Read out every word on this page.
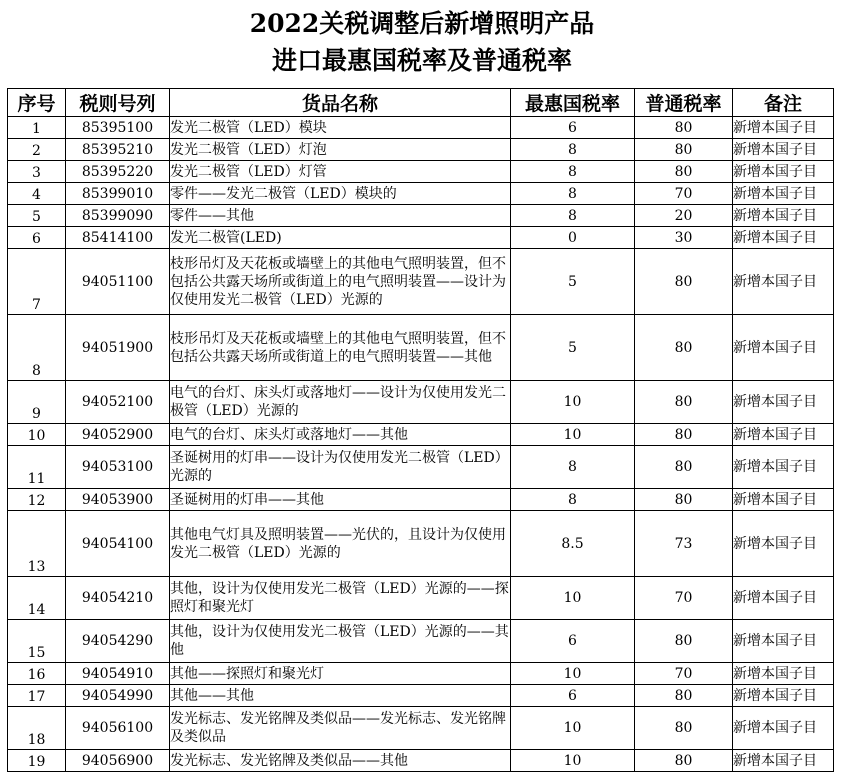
2022关税调整后新增照明产品
进口最惠国税率及普通税率
序号	税则号列	货品名称	最惠国税率	普通税率	备注
1	85395100	发光二极管（LED）模块	6	80	新增本国子目
2	85395210	发光二极管（LED）灯泡	8	80	新增本国子目
3	85395220	发光二极管（LED）灯管	8	80	新增本国子目
4	85399010	零件——发光二极管（LED）模块的	8	70	新增本国子目
5	85399090	零件——其他	8	20	新增本国子目
6	85414100	发光二极管(LED)	0	30	新增本国子目
7	94051100	枝形吊灯及天花板或墙壁上的其他电气照明装置，但不包括公共露天场所或街道上的电气照明装置——设计为仅使用发光二极管（LED）光源的	5	80	新增本国子目
8	94051900	枝形吊灯及天花板或墙壁上的其他电气照明装置，但不包括公共露天场所或街道上的电气照明装置——其他	5	80	新增本国子目
9	94052100	电气的台灯、床头灯或落地灯——设计为仅使用发光二极管（LED）光源的	10	80	新增本国子目
10	94052900	电气的台灯、床头灯或落地灯——其他	10	80	新增本国子目
11	94053100	圣诞树用的灯串——设计为仅使用发光二极管（LED）光源的	8	80	新增本国子目
12	94053900	圣诞树用的灯串——其他	8	80	新增本国子目
13	94054100	其他电气灯具及照明装置——光伏的，且设计为仅使用发光二极管（LED）光源的	8.5	73	新增本国子目
14	94054210	其他，设计为仅使用发光二极管（LED）光源的——探照灯和聚光灯	10	70	新增本国子目
15	94054290	其他，设计为仅使用发光二极管（LED）光源的——其他	6	80	新增本国子目
16	94054910	其他——探照灯和聚光灯	10	70	新增本国子目
17	94054990	其他——其他	6	80	新增本国子目
18	94056100	发光标志、发光铭牌及类似品——发光标志、发光铭牌及类似品	10	80	新增本国子目
19	94056900	发光标志、发光铭牌及类似品——其他	10	80	新增本国子目
